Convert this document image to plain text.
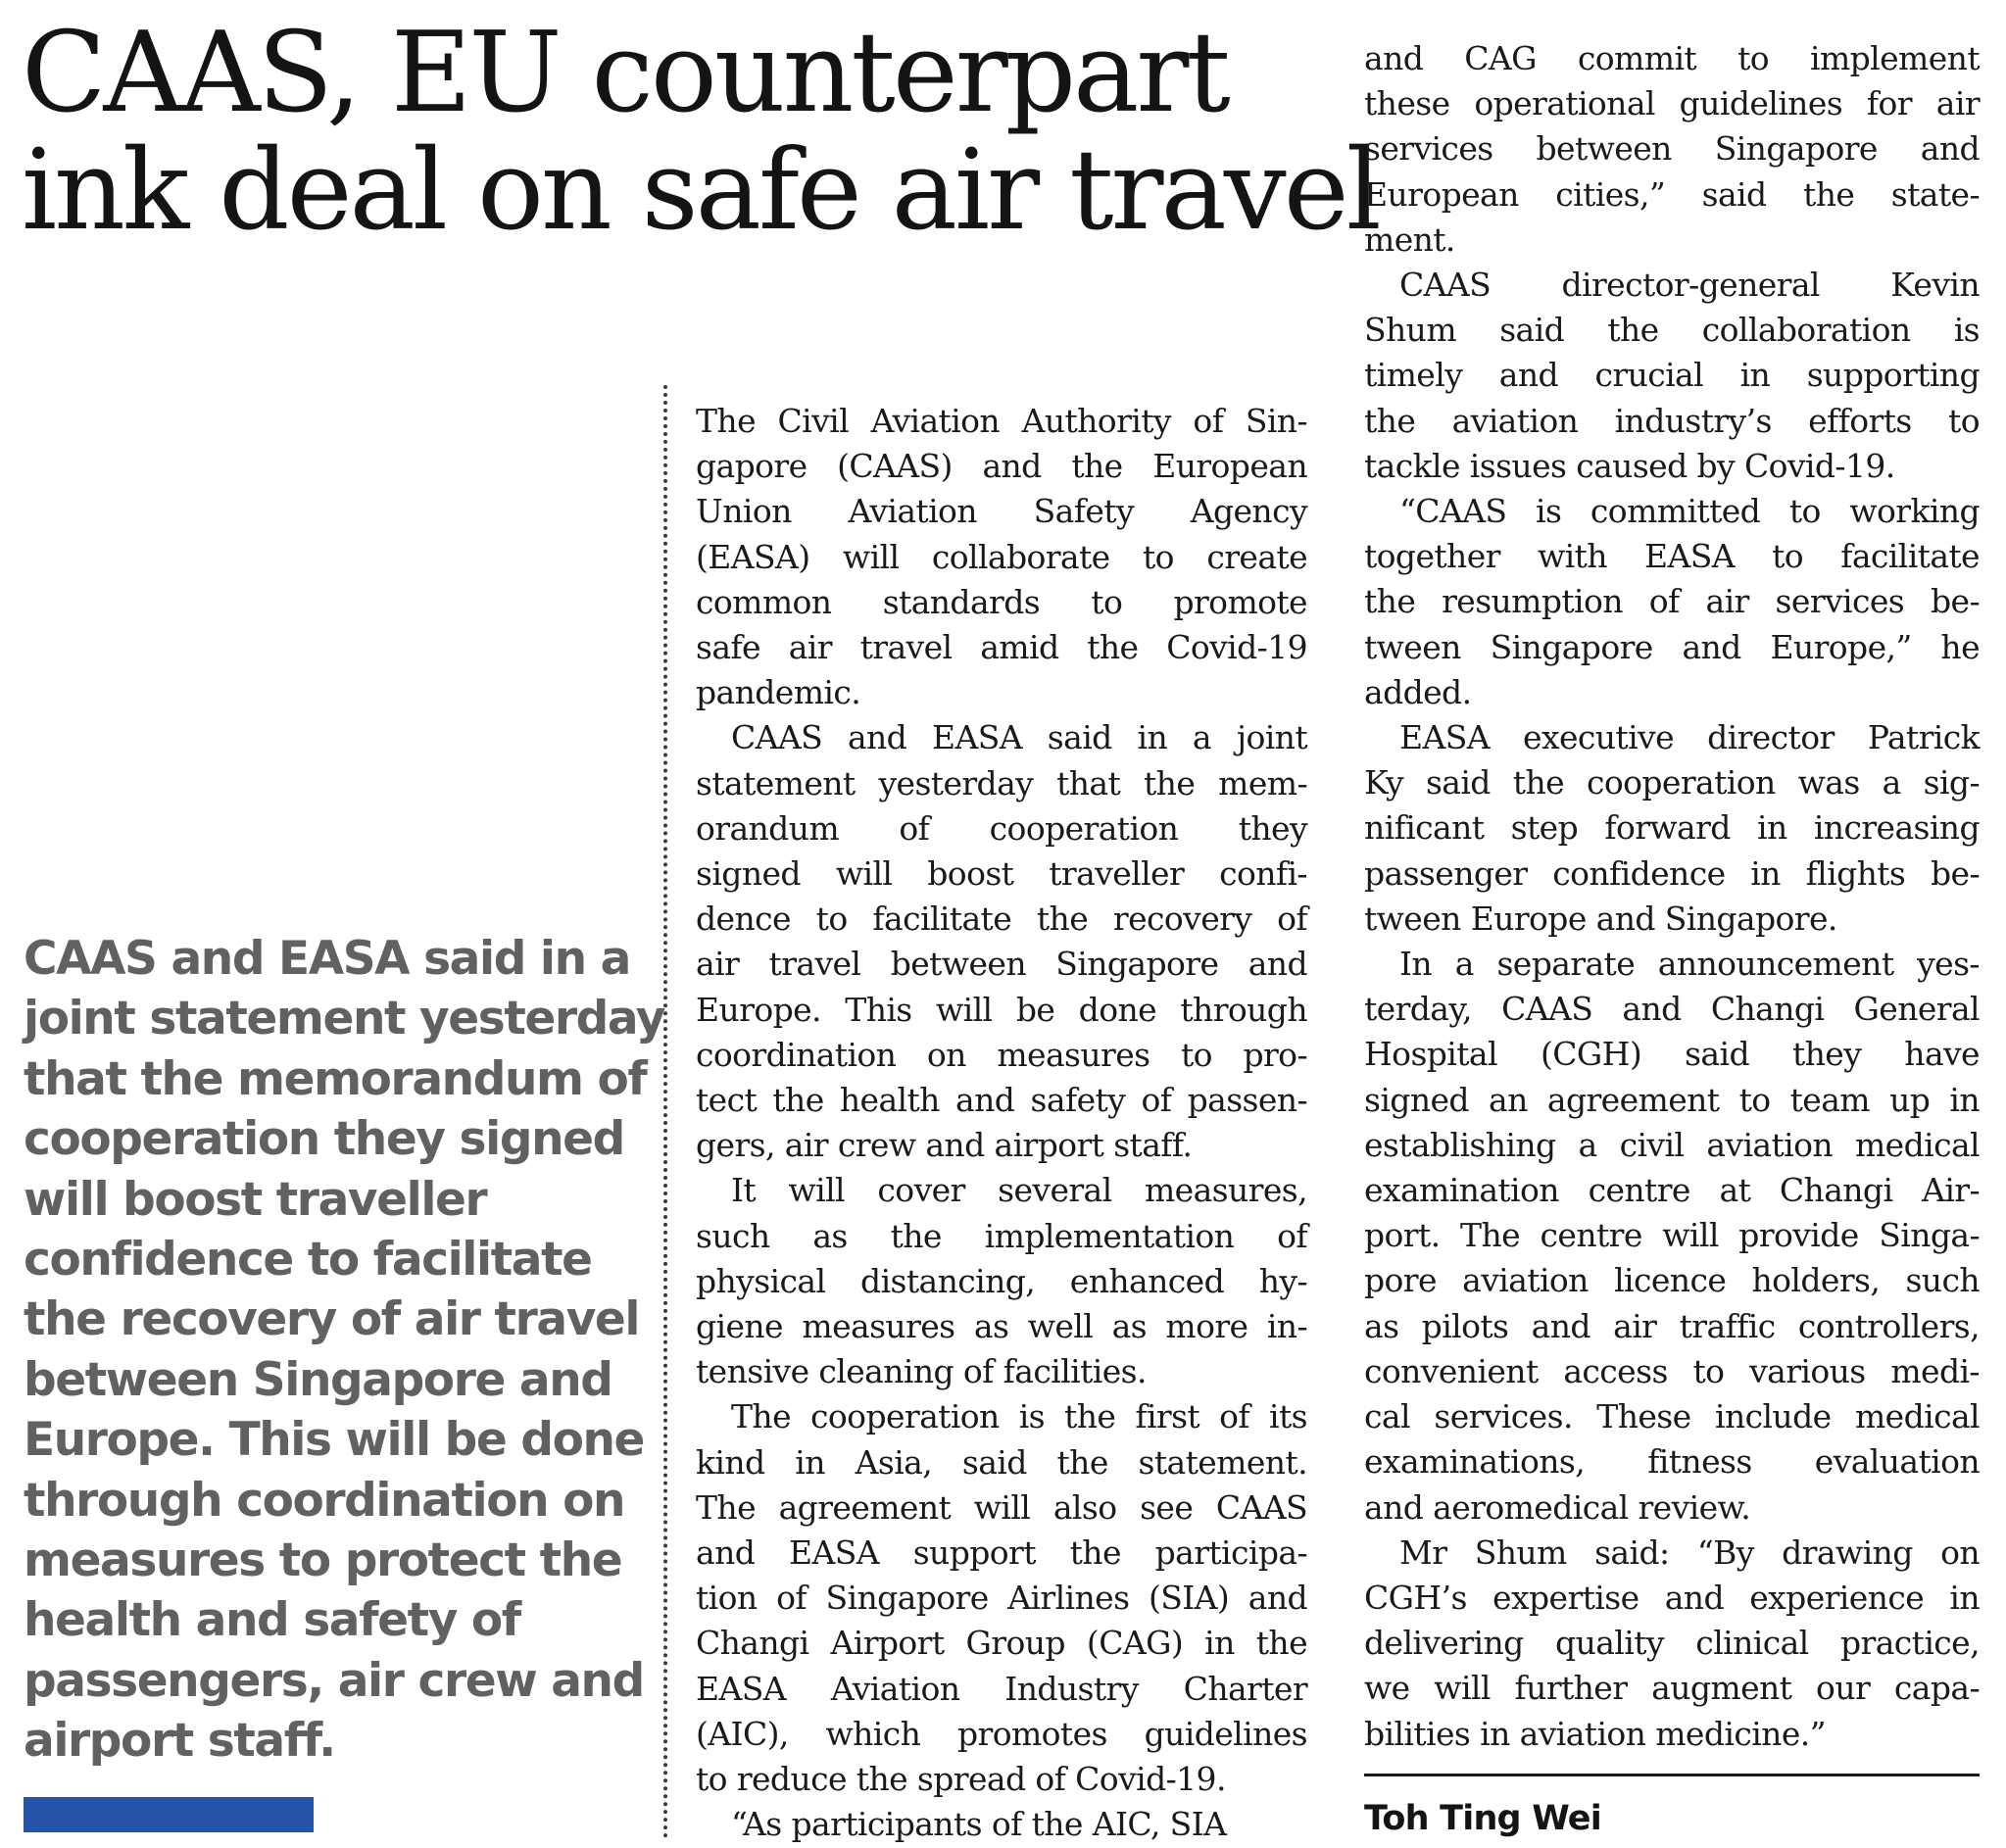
CAAS, EU counterpart
ink deal on safe air travel
CAAS and EASA said in a
joint statement yesterday
that the memorandum of
cooperation they signed
will boost traveller
confidence to facilitate
the recovery of air travel
between Singapore and
Europe. This will be done
through coordination on
measures to protect the
health and safety of
passengers, air crew and
airport staff.

The Civil Aviation Authority of Sin-
gapore (CAAS) and the European
Union Aviation Safety Agency
(EASA) will collaborate to create
common standards to promote
safe air travel amid the Covid-19
pandemic.

CAAS and EASA said in a joint
statement yesterday that the mem-
orandum of cooperation they
signed will boost traveller confi-
dence to facilitate the recovery of
air travel between Singapore and
Europe. This will be done through
coordination on measures to pro-
tect the health and safety of passen-
gers, air crew and airport staff.

It will cover several measures,
such as the implementation of
physical distancing, enhanced hy-
giene measures as well as more in-
tensive cleaning of facilities.

The cooperation is the first of its
kind in Asia, said the statement.
The agreement will also see CAAS
and EASA support the participa-
tion of Singapore Airlines (SIA) and
Changi Airport Group (CAG) in the
EASA Aviation Industry Charter
(AIC), which promotes guidelines
to reduce the spread of Covid-19.

“As participants of the AIC, SIA

and CAG commit to implement
these operational guidelines for air
services between Singapore and
European cities,” said the state-
ment.

CAAS director-general Kevin
Shum said the collaboration is
timely and crucial in supporting
the aviation industry’s efforts to
tackle issues caused by Covid-19.

“CAAS is committed to working
together with EASA to facilitate
the resumption of air services be-
tween Singapore and Europe,” he
added.

EASA executive director Patrick
Ky said the cooperation was a sig-
nificant step forward in increasing
passenger confidence in flights be-
tween Europe and Singapore.

In a separate announcement yes-
terday, CAAS and Changi General
Hospital (CGH) said they have
signed an agreement to team up in
establishing a civil aviation medical
examination centre at Changi Air-
port. The centre will provide Singa-
pore aviation licence holders, such
as pilots and air traffic controllers,
convenient access to various medi-
cal services. These include medical
examinations, fitness evaluation
and aeromedical review.

Mr Shum said: “By drawing on
CGH’s expertise and experience in
delivering quality clinical practice,
we will further augment our capa-
bilities in aviation medicine.”

Toh Ting Wei
